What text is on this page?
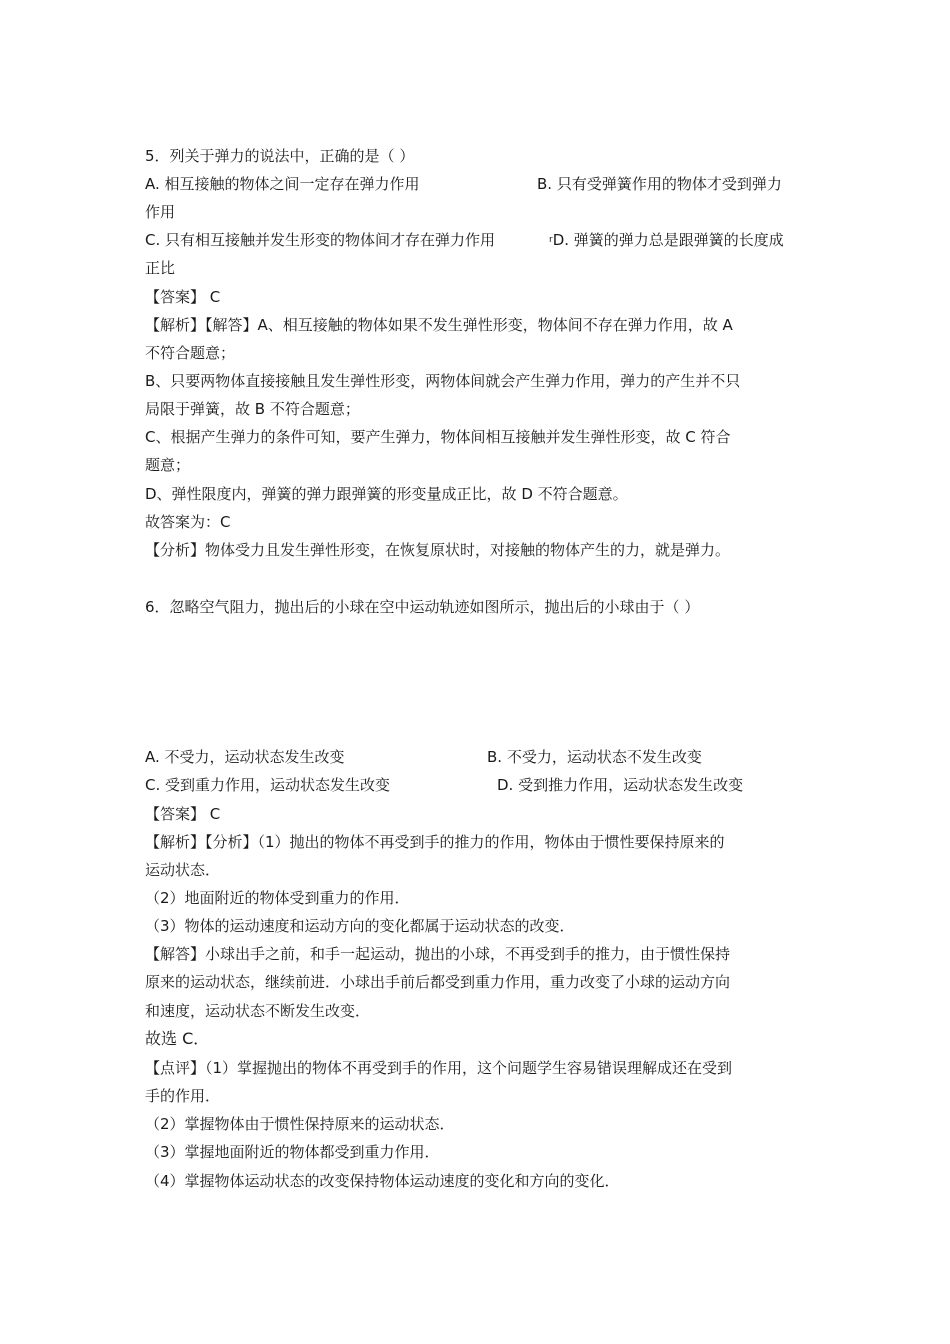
5．列关于弹力的说法中，正确的是（ ）
A. 相互接触的物体之间一定存在弹力作用	B. 只有受弹簧作用的物体才受到弹力
作用
C. 只有相互接触并发生形变的物体间才存在弹力作用	rD. 弹簧的弹力总是跟弹簧的长度成
正比
【答案】 C
【解析】【解答】A、相互接触的物体如果不发生弹性形变，物体间不存在弹力作用，故 A
不符合题意；
B、只要两物体直接接触且发生弹性形变，两物体间就会产生弹力作用，弹力的产生并不只
局限于弹簧，故 B 不符合题意；
C、根据产生弹力的条件可知，要产生弹力，物体间相互接触并发生弹性形变，故 C 符合
题意；
D、弹性限度内，弹簧的弹力跟弹簧的形变量成正比，故 D 不符合题意。
故答案为：C
【分析】物体受力且发生弹性形变，在恢复原状时，对接触的物体产生的力，就是弹力。
6．忽略空气阻力，抛出后的小球在空中运动轨迹如图所示，抛出后的小球由于（ ）
A. 不受力，运动状态发生改变	B. 不受力，运动状态不发生改变
C. 受到重力作用，运动状态发生改变	D. 受到推力作用，运动状态发生改变
【答案】 C
【解析】【分析】（1）抛出的物体不再受到手的推力的作用，物体由于惯性要保持原来的
运动状态．
（2）地面附近的物体受到重力的作用．
（3）物体的运动速度和运动方向的变化都属于运动状态的改变．
【解答】小球出手之前，和手一起运动，抛出的小球，不再受到手的推力，由于惯性保持
原来的运动状态，继续前进．小球出手前后都受到重力作用，重力改变了小球的运动方向
和速度，运动状态不断发生改变．
故选 C．
【点评】（1）掌握抛出的物体不再受到手的作用，这个问题学生容易错误理解成还在受到
手的作用．
（2）掌握物体由于惯性保持原来的运动状态．
（3）掌握地面附近的物体都受到重力作用．
（4）掌握物体运动状态的改变保持物体运动速度的变化和方向的变化．
